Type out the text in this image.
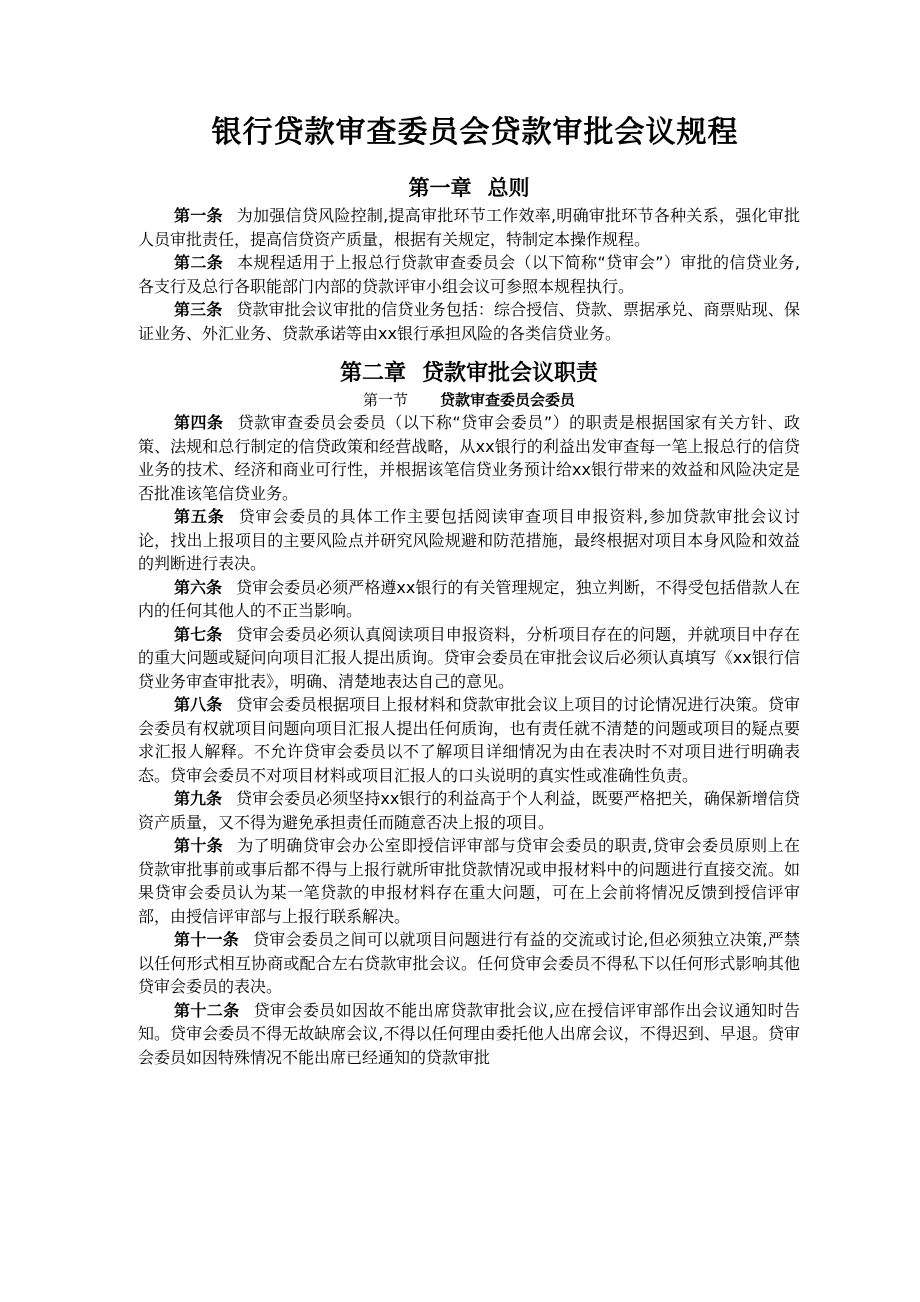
银行贷款审查委员会贷款审批会议规程
第一章 总则

第一条 为加强信贷风险控制,提高审批环节工作效率,明确审批环节各种关系，强化审批人员审批责任，提高信贷资产质量，根据有关规定，特制定本操作规程。

第二条 本规程适用于上报总行贷款审查委员会（以下简称“贷审会”）审批的信贷业务,各支行及总行各职能部门内部的贷款评审小组会议可参照本规程执行。

第三条 贷款审批会议审批的信贷业务包括：综合授信、贷款、票据承兑、商票贴现、保证业务、外汇业务、贷款承诺等由xx银行承担风险的各类信贷业务。

第二章 贷款审批会议职责

第一节 贷款审查委员会委员

第四条 贷款审查委员会委员（以下称“贷审会委员”）的职责是根据国家有关方针、政策、法规和总行制定的信贷政策和经营战略，从xx银行的利益出发审查每一笔上报总行的信贷业务的技术、经济和商业可行性，并根据该笔信贷业务预计给xx银行带来的效益和风险决定是否批准该笔信贷业务。

第五条 贷审会委员的具体工作主要包括阅读审查项目申报资料,参加贷款审批会议讨论，找出上报项目的主要风险点并研究风险规避和防范措施，最终根据对项目本身风险和效益的判断进行表决。

第六条 贷审会委员必须严格遵xx银行的有关管理规定，独立判断，不得受包括借款人在内的任何其他人的不正当影响。

第七条 贷审会委员必须认真阅读项目申报资料，分析项目存在的问题，并就项目中存在的重大问题或疑问向项目汇报人提出质询。贷审会委员在审批会议后必须认真填写《xx银行信贷业务审查审批表》，明确、清楚地表达自己的意见。

第八条 贷审会委员根据项目上报材料和贷款审批会议上项目的讨论情况进行决策。贷审会委员有权就项目问题向项目汇报人提出任何质询，也有责任就不清楚的问题或项目的疑点要求汇报人解释。不允许贷审会委员以不了解项目详细情况为由在表决时不对项目进行明确表态。贷审会委员不对项目材料或项目汇报人的口头说明的真实性或准确性负责。

第九条 贷审会委员必须坚持xx银行的利益高于个人利益，既要严格把关，确保新增信贷资产质量，又不得为避免承担责任而随意否决上报的项目。

第十条 为了明确贷审会办公室即授信评审部与贷审会委员的职责,贷审会委员原则上在贷款审批事前或事后都不得与上报行就所审批贷款情况或申报材料中的问题进行直接交流。如果贷审会委员认为某一笔贷款的申报材料存在重大问题，可在上会前将情况反馈到授信评审部，由授信评审部与上报行联系解决。

第十一条 贷审会委员之间可以就项目问题进行有益的交流或讨论,但必须独立决策,严禁以任何形式相互协商或配合左右贷款审批会议。任何贷审会委员不得私下以任何形式影响其他贷审会委员的表决。

第十二条 贷审会委员如因故不能出席贷款审批会议,应在授信评审部作出会议通知时告知。贷审会委员不得无故缺席会议,不得以任何理由委托他人出席会议，不得迟到、早退。贷审会委员如因特殊情况不能出席已经通知的贷款审批
